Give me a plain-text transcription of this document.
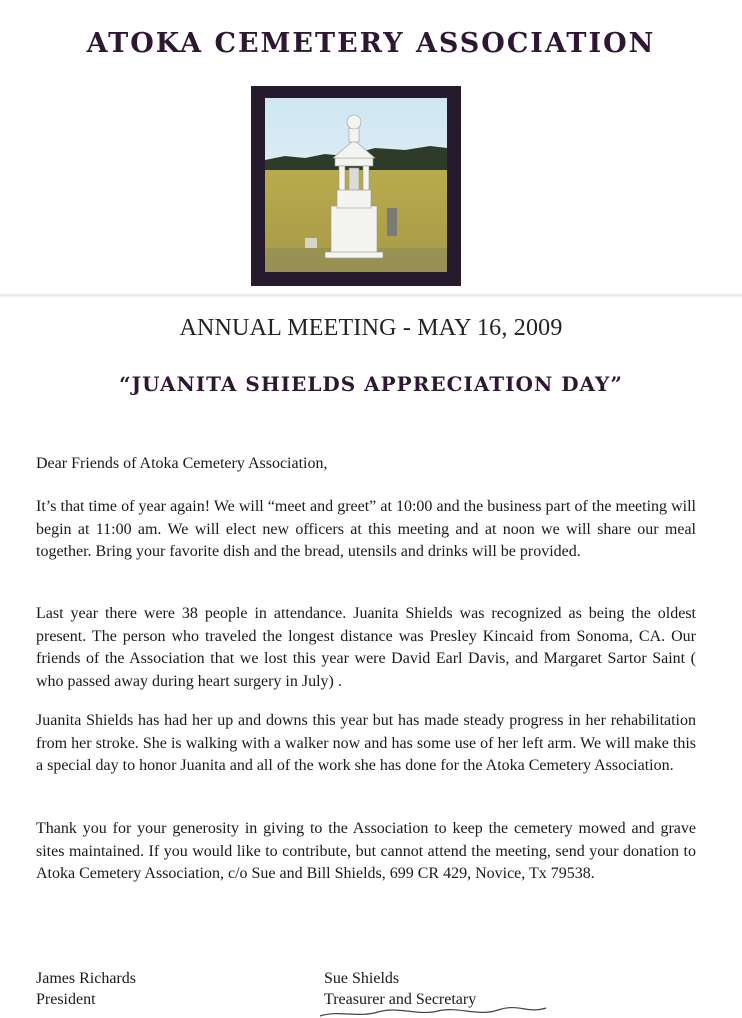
ATOKA CEMETERY ASSOCIATION
ANNUAL MEETING - MAY 16, 2009
“JUANITA SHIELDS APPRECIATION DAY”
Dear Friends of Atoka Cemetery Association,
It’s that time of year again! We will “meet and greet” at 10:00 and the business part of the meeting will begin at 11:00 am. We will elect new officers at this meeting and at noon we will share our meal together. Bring your favorite dish and the bread, utensils and drinks will be provided.
Last year there were 38 people in attendance. Juanita Shields was recognized as being the oldest present. The person who traveled the longest distance was Presley Kincaid from Sonoma, CA. Our friends of the Association that we lost this year were David Earl Davis, and Margaret Sartor Saint ( who passed away during heart surgery in July) .
Juanita Shields has had her up and downs this year but has made steady progress in her rehabilitation from her stroke. She is walking with a walker now and has some use of her left arm. We will make this a special day to honor Juanita and all of the work she has done for the Atoka Cemetery Association.
Thank you for your generosity in giving to the Association to keep the cemetery mowed and grave sites maintained. If you would like to contribute, but cannot attend the meeting, send your donation to Atoka Cemetery Association, c/o Sue and Bill Shields, 699 CR 429, Novice, Tx 79538.
James Richards
President
Sue Shields
Treasurer and Secretary
